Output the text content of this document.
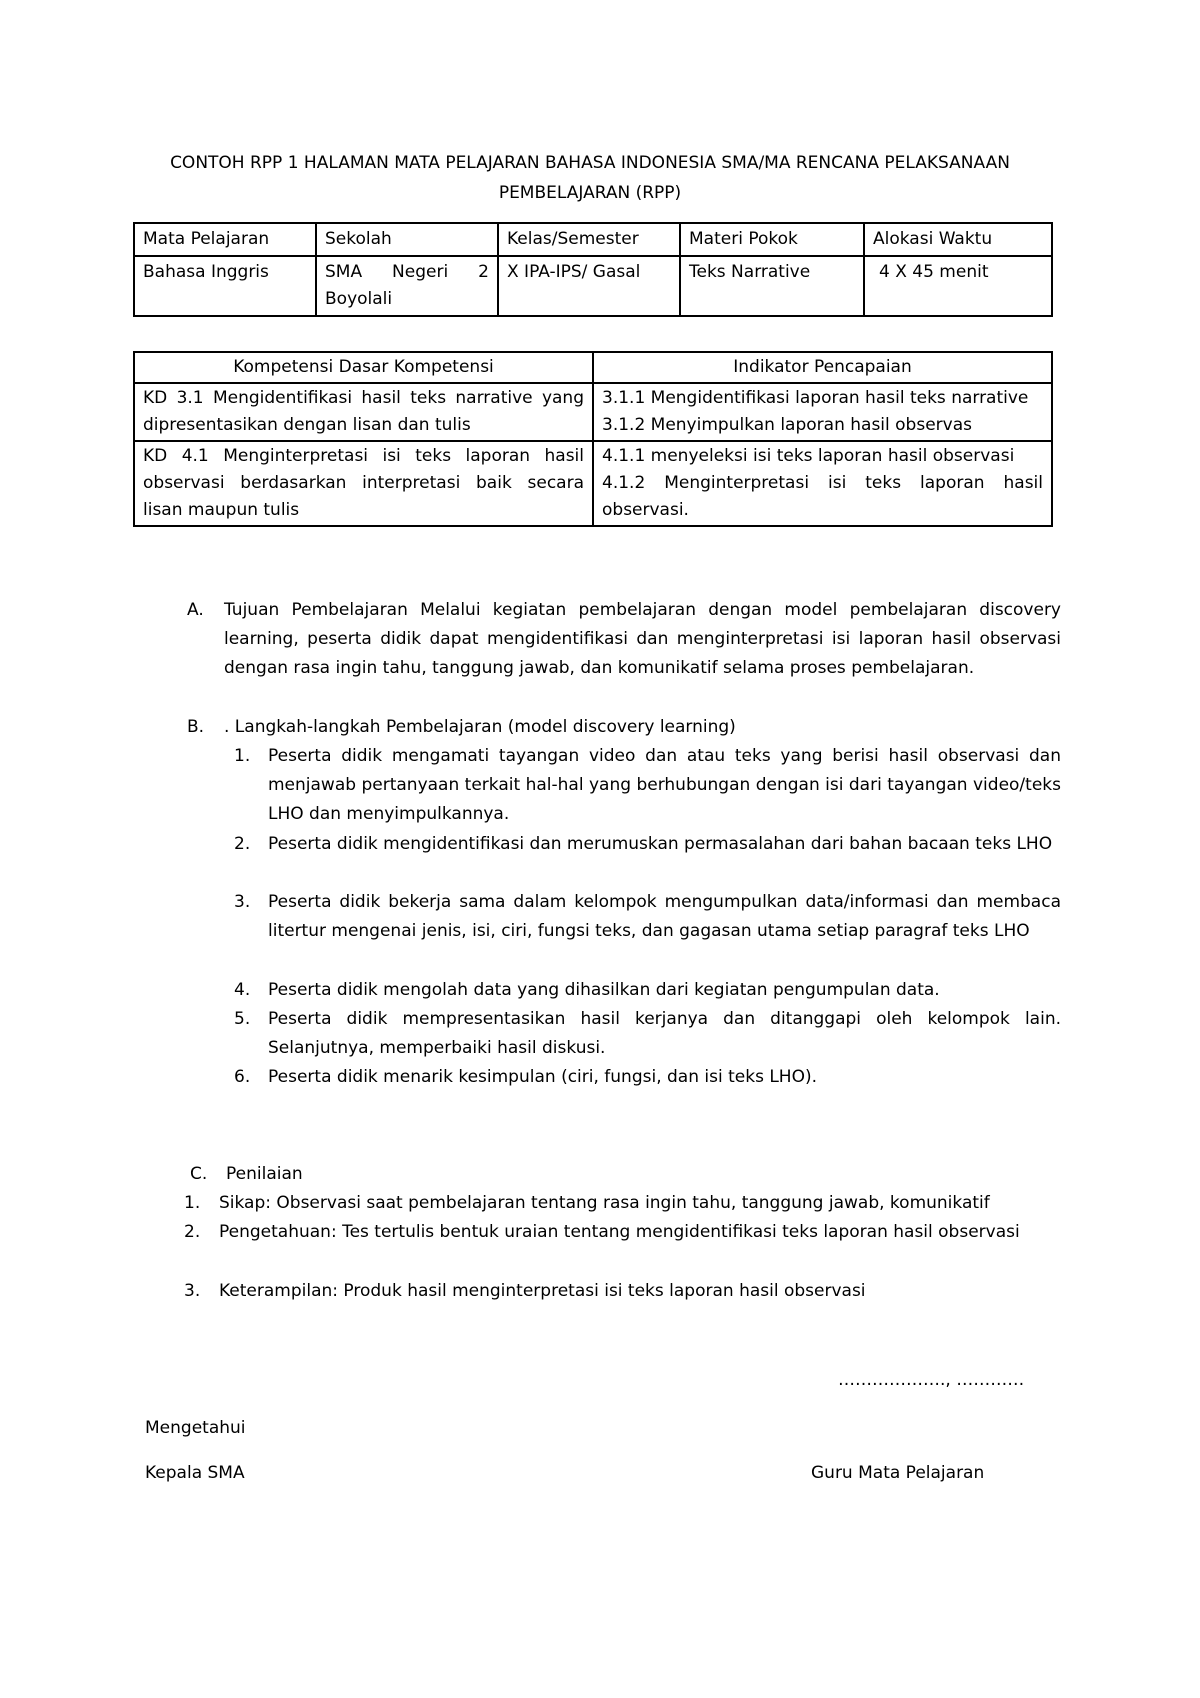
CONTOH RPP 1 HALAMAN MATA PELAJARAN BAHASA INDONESIA SMA/MA RENCANA PELAKSANAAN
PEMBELAJARAN (RPP)
Mata Pelajaran	Sekolah	Kelas/Semester	Materi Pokok	Alokasi Waktu
Bahasa Inggris	SMA Negeri 2 Boyolali	X IPA-IPS/ Gasal	Teks Narrative	4 X 45 menit
Kompetensi Dasar Kompetensi	Indikator Pencapaian
KD 3.1 Mengidentifikasi hasil teks narrative yang dipresentasikan dengan lisan dan tulis	3.1.1 Mengidentifikasi laporan hasil teks narrative
3.1.2 Menyimpulkan laporan hasil observas

KD 4.1 Menginterpretasi isi teks laporan hasil observasi berdasarkan interpretasi baik secara lisan maupun tulis	4.1.1 menyeleksi isi teks laporan hasil observasi
4.1.2 Menginterpretasi isi teks laporan hasil observasi.
A. Tujuan Pembelajaran Melalui kegiatan pembelajaran dengan model pembelajaran discovery learning, peserta didik dapat mengidentifikasi dan menginterpretasi isi laporan hasil observasi dengan rasa ingin tahu, tanggung jawab, dan komunikatif selama proses pembelajaran.
B. . Langkah-langkah Pembelajaran (model discovery learning)
1. Peserta didik mengamati tayangan video dan atau teks yang berisi hasil observasi dan menjawab pertanyaan terkait hal-hal yang berhubungan dengan isi dari tayangan video/teks LHO dan menyimpulkannya.
2. Peserta didik mengidentifikasi dan merumuskan permasalahan dari bahan bacaan teks LHO
3. Peserta didik bekerja sama dalam kelompok mengumpulkan data/informasi dan membaca litertur mengenai jenis, isi, ciri, fungsi teks, dan gagasan utama setiap paragraf teks LHO
4. Peserta didik mengolah data yang dihasilkan dari kegiatan pengumpulan data.
5. Peserta didik mempresentasikan hasil kerjanya dan ditanggapi oleh kelompok lain. Selanjutnya, memperbaiki hasil diskusi.
6. Peserta didik menarik kesimpulan (ciri, fungsi, dan isi teks LHO).
C. Penilaian
1. Sikap: Observasi saat pembelajaran tentang rasa ingin tahu, tanggung jawab, komunikatif
2. Pengetahuan: Tes tertulis bentuk uraian tentang mengidentifikasi teks laporan hasil observasi
3. Keterampilan: Produk hasil menginterpretasi isi teks laporan hasil observasi
………………., …………
Mengetahui
Kepala SMA	Guru Mata Pelajaran
